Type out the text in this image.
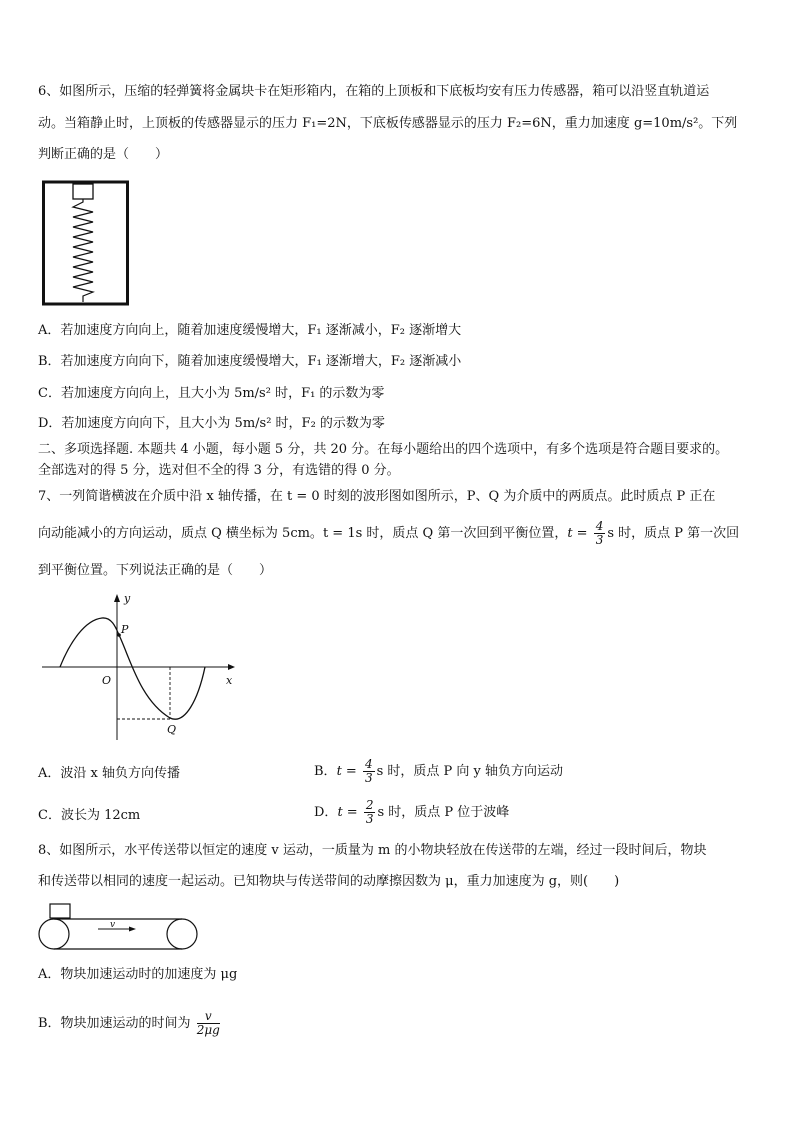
6、如图所示，压缩的轻弹簧将金属块卡在矩形箱内，在箱的上顶板和下底板均安有压力传感器，箱可以沿竖直轨道运
动。当箱静止时，上顶板的传感器显示的压力 F₁=2N，下底板传感器显示的压力 F₂=6N，重力加速度 g=10m/s²。下列
判断正确的是（　　）
A．若加速度方向向上，随着加速度缓慢增大，F₁ 逐渐减小，F₂ 逐渐增大
B．若加速度方向向下，随着加速度缓慢增大，F₁ 逐渐增大，F₂ 逐渐减小
C．若加速度方向向上，且大小为 5m/s² 时，F₁ 的示数为零
D．若加速度方向向下，且大小为 5m/s² 时，F₂ 的示数为零
二、多项选择题. 本题共 4 小题，每小题 5 分，共 20 分。在每小题给出的四个选项中，有多个选项是符合题目要求的。
全部选对的得 5 分，选对但不全的得 3 分，有选错的得 0 分。
7、一列简谐横波在介质中沿 x 轴传播，在 t = 0 时刻的波形图如图所示，P、Q 为介质中的两质点。此时质点 P 正在
向动能减小的方向运动，质点 Q 横坐标为 5cm。t = 1s 时，质点 Q 第一次回到平衡位置，$t = \frac{4}{3}$ s 时，质点 P 第一次回
到平衡位置。下列说法正确的是（　　）
y
x
O
P
Q
A．波沿 x 轴负方向传播	B．$t = \frac{4}{3}$ s 时，质点 P 向 y 轴负方向运动
C．波长为 12cm	D．$t = \frac{2}{3}$ s 时，质点 P 位于波峰
8、如图所示，水平传送带以恒定的速度 v 运动，一质量为 m 的小物块轻放在传送带的左端，经过一段时间后，物块
和传送带以相同的速度一起运动。已知物块与传送带间的动摩擦因数为 μ，重力加速度为 g，则(　　)
v
A．物块加速运动时的加速度为 μg
B．物块加速运动的时间为 $\frac{v}{2\mu g}$
